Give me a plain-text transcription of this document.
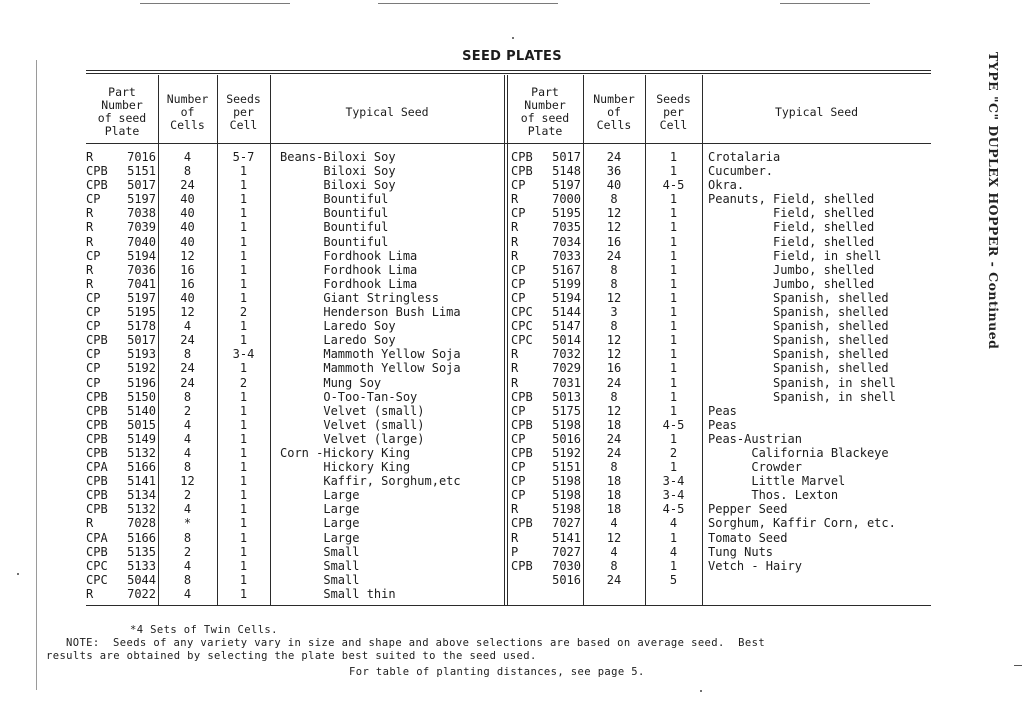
TYPE "C" DUPLEX HOPPER - Continued
SEED PLATES
Part
Number
of seed
Plate
Number
of
Cells
Seeds
per
Cell
Typical Seed
Part
Number
of seed
Plate
Number
of
Cells
Seeds
per
Cell
Typical Seed
R
CPB
CPB
CP
R
R
R
CP
R
R
CP
CP
CP
CPB
CP
CP
CP
CPB
CPB
CPB
CPB
CPB
CPA
CPB
CPB
CPB
R
CPA
CPB
CPC
CPC
R
7016
5151
5017
5197
7038
7039
7040
5194
7036
7041
5197
5195
5178
5017
5193
5192
5196
5150
5140
5015
5149
5132
5166
5141
5134
5132
7028
5166
5135
5133
5044
7022
4
8
24
40
40
40
40
12
16
16
40
12
4
24
8
24
24
8
2
4
4
4
8
12
2
4
*
8
2
4
8
4
5-7
1
1
1
1
1
1
1
1
1
1
2
1
1
3-4
1
2
1
1
1
1
1
1
1
1
1
1
1
1
1
1
1
Beans-Biloxi Soy
Biloxi Soy
Biloxi Soy
Bountiful
Bountiful
Bountiful
Bountiful
Fordhook Lima
Fordhook Lima
Fordhook Lima
Giant Stringless
Henderson Bush Lima
Laredo Soy
Laredo Soy
Mammoth Yellow Soja
Mammoth Yellow Soja
Mung Soy
O-Too-Tan-Soy
Velvet (small)
Velvet (small)
Velvet (large)
Corn -Hickory King
Hickory King
Kaffir, Sorghum,etc
Large
Large
Large
Large
Small
Small
Small
Small thin
CPB
CPB
CP
R
CP
R
R
R
CP
CP
CP
CPC
CPC
CPC
R
R
R
CPB
CP
CPB
CP
CPB
CP
CP
CP
R
CPB
R
P
CPB
5017
5148
5197
7000
5195
7035
7034
7033
5167
5199
5194
5144
5147
5014
7032
7029
7031
5013
5175
5198
5016
5192
5151
5198
5198
5198
7027
5141
7027
7030
5016
24
36
40
8
12
12
16
24
8
8
12
3
8
12
12
16
24
8
12
18
24
24
8
18
18
18
4
12
4
8
24
1
1
4-5
1
1
1
1
1
1
1
1
1
1
1
1
1
1
1
1
4-5
1
2
1
3-4
3-4
4-5
4
1
4
1
5
Crotalaria
Cucumber.
Okra.
Peanuts, Field, shelled
Field, shelled
Field, shelled
Field, shelled
Field, in shell
Jumbo, shelled
Jumbo, shelled
Spanish, shelled
Spanish, shelled
Spanish, shelled
Spanish, shelled
Spanish, shelled
Spanish, shelled
Spanish, in shell
Spanish, in shell
Peas
Peas
Peas-Austrian
California Blackeye
Crowder
Little Marvel
Thos. Lexton
Pepper Seed
Sorghum, Kaffir Corn, etc.
Tomato Seed
Tung Nuts
Vetch - Hairy
*4 Sets of Twin Cells.
NOTE:  Seeds of any variety vary in size and shape and above selections are based on average seed.  Best
results are obtained by selecting the plate best suited to the seed used.
For table of planting distances, see page 5.
